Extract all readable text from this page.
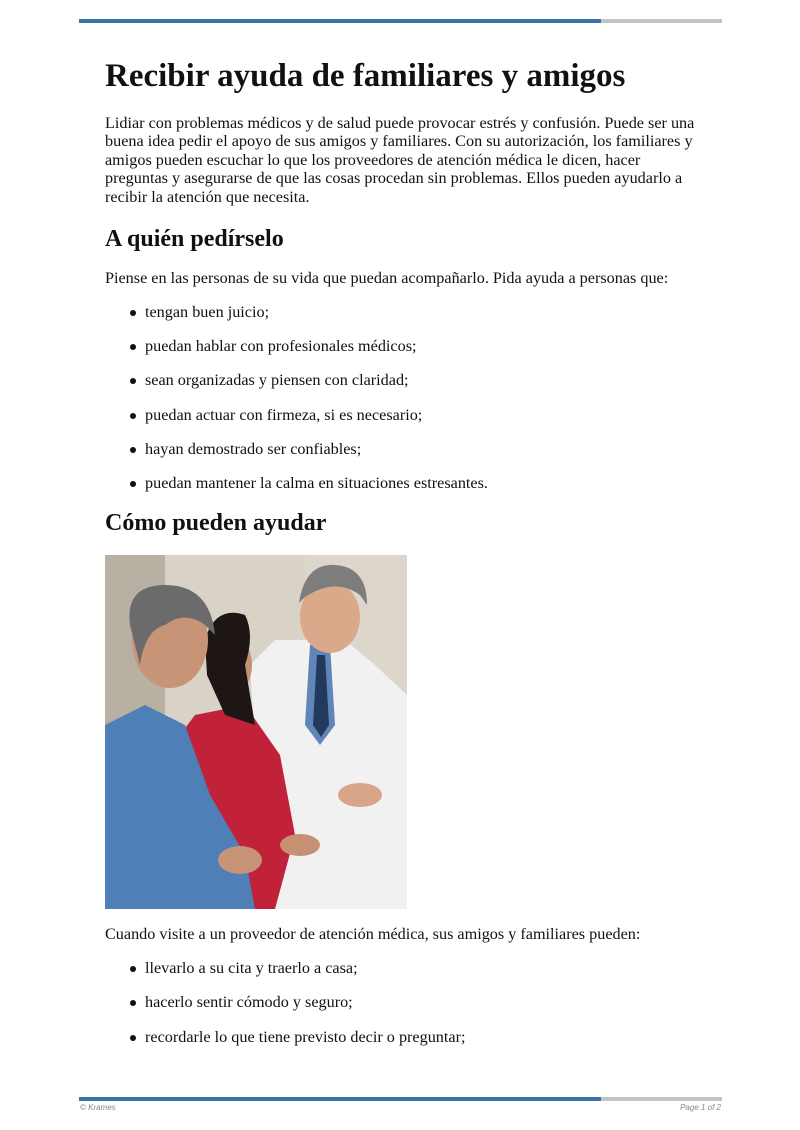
Recibir ayuda de familiares y amigos

Lidiar con problemas médicos y de salud puede provocar estrés y confusión. Puede ser una buena idea pedir el apoyo de sus amigos y familiares. Con su autorización, los familiares y amigos pueden escuchar lo que los proveedores de atención médica le dicen, hacer preguntas y asegurarse de que las cosas procedan sin problemas. Ellos pueden ayudarlo a recibir la atención que necesita.

A quién pedírselo

Piense en las personas de su vida que puedan acompañarlo. Pida ayuda a personas que:

tengan buen juicio;
puedan hablar con profesionales médicos;
sean organizadas y piensen con claridad;
puedan actuar con firmeza, si es necesario;
hayan demostrado ser confiables;
puedan mantener la calma en situaciones estresantes.
Cómo pueden ayudar

Cuando visite a un proveedor de atención médica, sus amigos y familiares pueden:

llevarlo a su cita y traerlo a casa;
hacerlo sentir cómodo y seguro;
recordarle lo que tiene previsto decir o preguntar;
© Krames	Page 1 of 2
